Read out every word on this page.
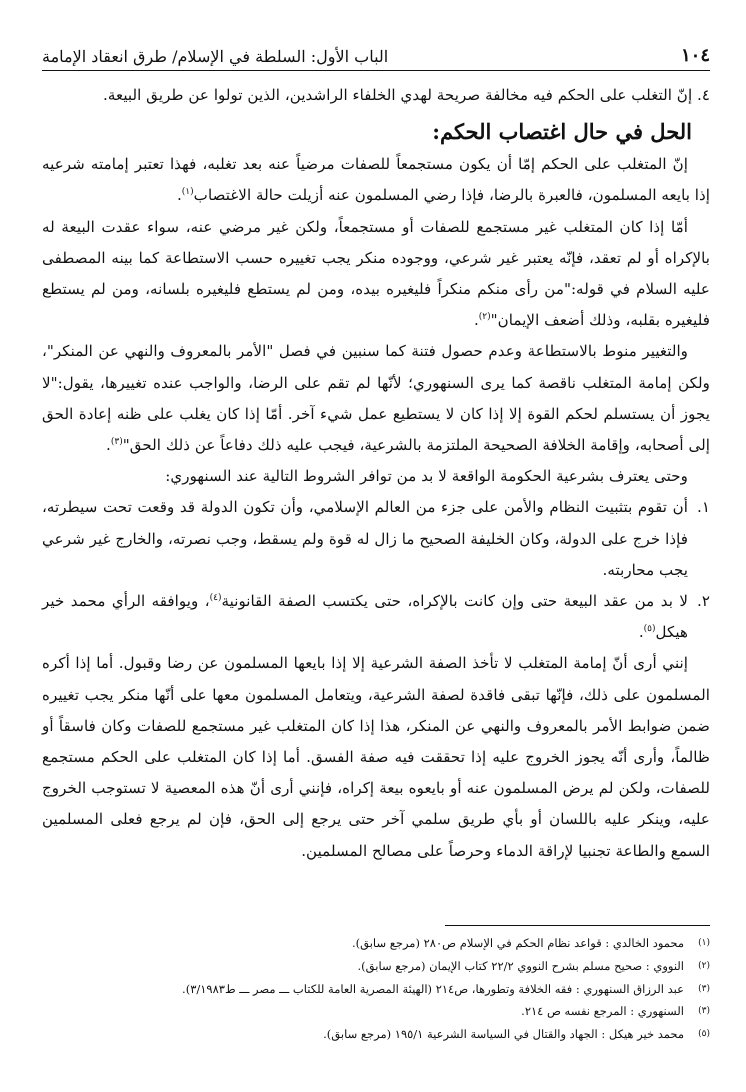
١٠٤
الباب الأول: السلطة في الإسلام/ طرق انعقاد الإمامة

٤. إنّ التغلب على الحكم فيه مخالفة صريحة لهدي الخلفاء الراشدين، الذين تولوا عن طريق البيعة.

الحل في حال اغتصاب الحكم:

إنّ المتغلب على الحكم إمّا أن يكون مستجمعاً للصفات مرضياً عنه بعد تغلبه، فهذا تعتبر إمامته شرعيه إذا بايعه المسلمون، فالعبرة بالرضا، فإذا رضي المسلمون عنه أزيلت حالة الاغتصاب$^{(١)}$.

أمّا إذا كان المتغلب غير مستجمع للصفات أو مستجمعاً، ولكن غير مرضي عنه، سواء عقدت البيعة له بالإكراه أو لم تعقد، فإنّه يعتبر غير شرعي، ووجوده منكر يجب تغييره حسب الاستطاعة كما بينه المصطفى عليه السلام في قوله:"من رأى منكم منكراً فليغيره بيده، ومن لم يستطع فليغيره بلسانه، ومن لم يستطع فليغيره بقلبه، وذلك أضعف الإيمان"$^{(٢)}$.

والتغيير منوط بالاستطاعة وعدم حصول فتنة كما سنبين في فصل "الأمر بالمعروف والنهي عن المنكر"، ولكن إمامة المتغلب ناقصة كما يرى السنهوري؛ لأنّها لم تقم على الرضا، والواجب عنده تغييرها، يقول:"لا يجوز أن يستسلم لحكم القوة إلا إذا كان لا يستطيع عمل شيء آخر. أمّا إذا كان يغلب على ظنه إعادة الحق إلى أصحابه، وإقامة الخلافة الصحيحة الملتزمة بالشرعية، فيجب عليه ذلك دفاعاً عن ذلك الحق"$^{(٣)}$.

وحتى يعترف بشرعية الحكومة الواقعة لا بد من توافر الشروط التالية عند السنهوري:

١.
أن تقوم بتثبيت النظام والأمن على جزء من العالم الإسلامي، وأن تكون الدولة قد وقعت تحت سيطرته، فإذا خرج على الدولة، وكان الخليفة الصحيح ما زال له قوة ولم يسقط، وجب نصرته، والخارج غير شرعي يجب محاربته.
٢.
لا بد من عقد البيعة حتى وإن كانت بالإكراه، حتى يكتسب الصفة القانونية$^{(٤)}$، ويوافقه الرأي محمد خير هيكل$^{(٥)}$.

إنني أرى أنّ إمامة المتغلب لا تأخذ الصفة الشرعية إلا إذا بايعها المسلمون عن رضا وقبول. أما إذا أكره المسلمون على ذلك، فإنّها تبقى فاقدة لصفة الشرعية، ويتعامل المسلمون معها على أنّها منكر يجب تغييره ضمن ضوابط الأمر بالمعروف والنهي عن المنكر، هذا إذا كان المتغلب غير مستجمع للصفات وكان فاسقاً أو ظالماً، وأرى أنّه يجوز الخروج عليه إذا تحققت فيه صفة الفسق. أما إذا كان المتغلب على الحكم مستجمع للصفات، ولكن لم يرض المسلمون عنه أو بايعوه بيعة إكراه، فإنني أرى أنّ هذه المعصية لا تستوجب الخروج عليه، وينكر عليه باللسان أو بأي طريق سلمي آخر حتى يرجع إلى الحق، فإن لم يرجع فعلى المسلمين السمع والطاعة تجنبيا لإراقة الدماء وحرصاً على مصالح المسلمين.

(١)
محمود الخالدي : قواعد نظام الحكم في الإسلام ص٢٨٠ (مرجع سابق).
(٢)
النووي : صحيح مسلم بشرح النووي ٢٢/٢ كتاب الإيمان (مرجع سابق).
(٣)
عبد الرزاق السنهوري : فقه الخلافة وتطورها، ص٢١٤ (الهيئة المصرية العامة للكتاب ـــ مصر ـــ ط٣/١٩٨٣).
(٣)
السنهوري : المرجع نفسه ص ٢١٤.
(٥)
محمد خير هيكل : الجهاد والقتال في السياسة الشرعية ١٩٥/١ (مرجع سابق).
